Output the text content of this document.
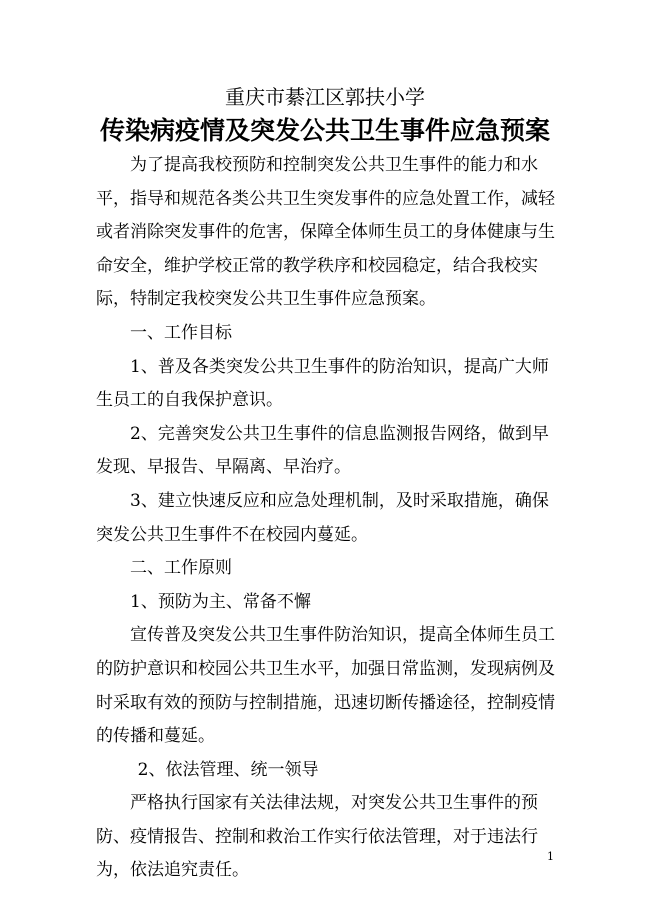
重庆市綦江区郭扶小学
传染病疫情及突发公共卫生事件应急预案

为了提高我校预防和控制突发公共卫生事件的能力和水平，指导和规范各类公共卫生突发事件的应急处置工作，减轻或者消除突发事件的危害，保障全体师生员工的身体健康与生命安全，维护学校正常的教学秩序和校园稳定，结合我校实际，特制定我校突发公共卫生事件应急预案。

一、工作目标

1、普及各类突发公共卫生事件的防治知识，提高广大师生员工的自我保护意识。

2、完善突发公共卫生事件的信息监测报告网络，做到早发现、早报告、早隔离、早治疗。

3、建立快速反应和应急处理机制，及时采取措施，确保突发公共卫生事件不在校园内蔓延。

二、工作原则

1、预防为主、常备不懈

宣传普及突发公共卫生事件防治知识，提高全体师生员工的防护意识和校园公共卫生水平，加强日常监测，发现病例及时采取有效的预防与控制措施，迅速切断传播途径，控制疫情的传播和蔓延。

2、依法管理、统一领导

严格执行国家有关法律法规，对突发公共卫生事件的预防、疫情报告、控制和救治工作实行依法管理，对于违法行为，依法追究责任。

1
